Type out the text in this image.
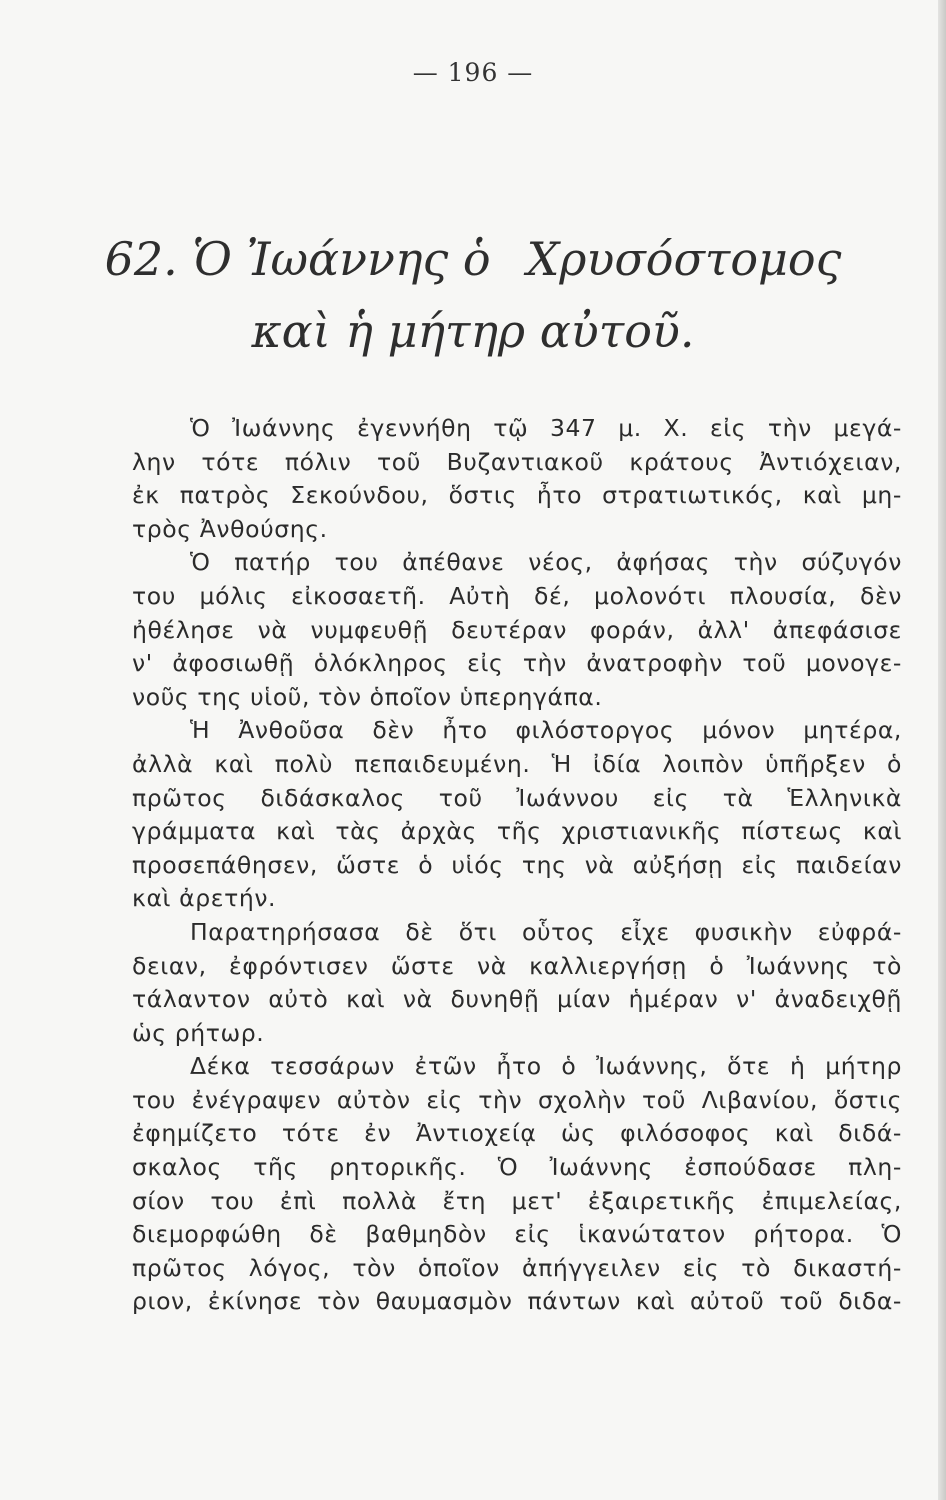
— 196 —
62. Ὁ Ἰωάννης ὁ Χρυσόστομος
καὶ ἡ μήτηρ αὐτοῦ.
Ὁ Ἰωάννης ἐγεννήθη τῷ 347 μ. Χ. εἰς τὴν μεγά-
λην τότε πόλιν τοῦ Βυζαντιακοῦ κράτους Ἀντιόχειαν,
ἐκ πατρὸς Σεκούνδου, ὅστις ἦτο στρατιωτικός, καὶ μη-
τρὸς Ἀνθούσης.
Ὁ πατήρ του ἀπέθανε νέος, ἀφήσας τὴν σύζυγόν
του μόλις εἰκοσαετῆ. Αὐτὴ δέ, μολονότι πλουσία, δὲν
ἠθέλησε νὰ νυμφευθῇ δευτέραν φοράν, ἀλλ' ἀπεφάσισε
ν' ἀφοσιωθῇ ὁλόκληρος εἰς τὴν ἀνατροφὴν τοῦ μονογε-
νοῦς της υἱοῦ, τὸν ὁποῖον ὑπερηγάπα.
Ἡ Ἀνθοῦσα δὲν ἦτο φιλόστοργος μόνον μητέρα,
ἀλλὰ καὶ πολὺ πεπαιδευμένη. Ἡ ἰδία λοιπὸν ὑπῆρξεν ὁ
πρῶτος διδάσκαλος τοῦ Ἰωάννου εἰς τὰ Ἑλληνικὰ
γράμματα καὶ τὰς ἀρχὰς τῆς χριστιανικῆς πίστεως καὶ
προσεπάθησεν, ὥστε ὁ υἱός της νὰ αὐξήσῃ εἰς παιδείαν
καὶ ἀρετήν.
Παρατηρήσασα δὲ ὅτι οὗτος εἶχε φυσικὴν εὐφρά-
δειαν, ἐφρόντισεν ὥστε νὰ καλλιεργήσῃ ὁ Ἰωάννης τὸ
τάλαντον αὐτὸ καὶ νὰ δυνηθῇ μίαν ἡμέραν ν' ἀναδειχθῇ
ὡς ρήτωρ.
Δέκα τεσσάρων ἐτῶν ἦτο ὁ Ἰωάννης, ὅτε ἡ μήτηρ
του ἐνέγραψεν αὐτὸν εἰς τὴν σχολὴν τοῦ Λιβανίου, ὅστις
ἐφημίζετο τότε ἐν Ἀντιοχείᾳ ὡς φιλόσοφος καὶ διδά-
σκαλος τῆς ρητορικῆς. Ὁ Ἰωάννης ἐσπούδασε πλη-
σίον του ἐπὶ πολλὰ ἔτη μετ' ἐξαιρετικῆς ἐπιμελείας,
διεμορφώθη δὲ βαθμηδὸν εἰς ἱκανώτατον ρήτορα. Ὁ
πρῶτος λόγος, τὸν ὁποῖον ἀπήγγειλεν εἰς τὸ δικαστή-
ριον, ἐκίνησε τὸν θαυμασμὸν πάντων καὶ αὐτοῦ τοῦ διδα-
